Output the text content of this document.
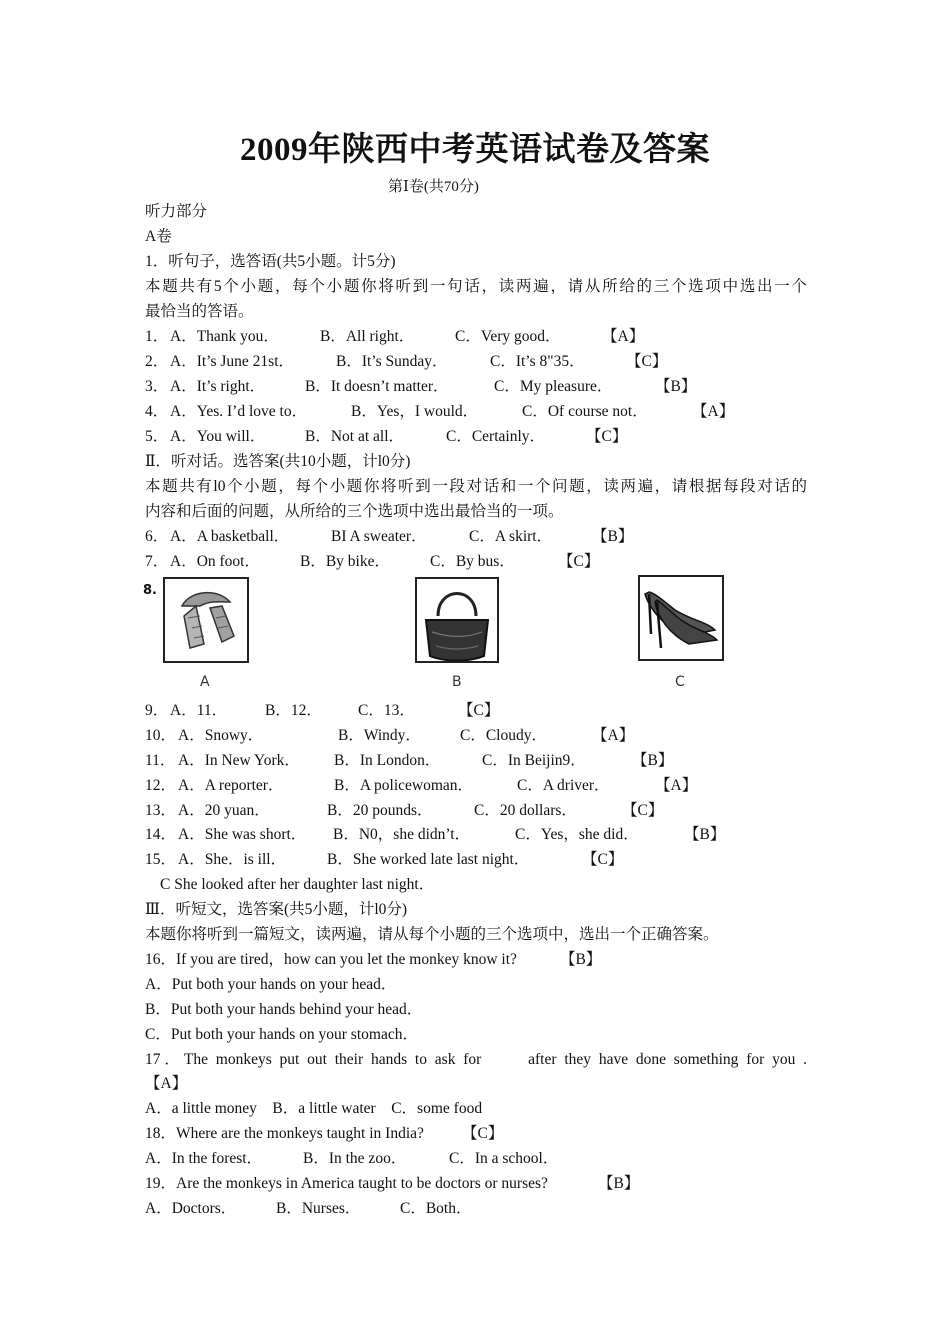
2009年陕西中考英语试卷及答案
第Ⅰ卷(共70分)
听力部分
A卷
1．听句子，选答语(共5小题。计5分)
本题共有5个小题，每个小题你将听到一句话，读两遍，请从所给的三个选项中选出一个
最恰当的答语。
1． A．Thank you．	B．All right．	C．Very good．	【A】
2． A．It’s June 21st．	B．It’s Sunday．	C．It’s 8"35．	【C】
3． A．It’s right．	B．It doesn’t matter．	C．My pleasure．	【B】
4． A．Yes. I’d love to．	B．Yes，I would．	C．Of course not．	【A】
5． A．You will．	B．Not at all．	C．Certainly．	【C】
Ⅱ．听对话。选答案(共10小题，计l0分)
本题共有l0个小题，每个小题你将听到一段对话和一个问题，读两遍，请根据每段对话的
内容和后面的问题，从所给的三个选项中选出最恰当的一项。
6． A．A basketball．	BI A sweater．	C．A skirt．	【B】
7． A．On foot．	B．By bike．	C．By bus．	【C】
8.
A	B	C
9． A．11． B．12． C．13．	【C】
10． A．Snowy．	B．Windy．	C．Cloudy．	【A】
11． A．In New York． B．In London．	C．In Beijin9．	【B】
12． A．A reporter．	B．A policewoman．	C．A driver．	【A】
13． A．20 yuan．	B．20 pounds．	C．20 dollars．	【C】
14． A．She was short． B．N0，she didn’t．	C．Yes，she did．	【B】
15． A．She．is ill．	B．She worked late last night．	【C】
C She looked after her daughter last night．
Ⅲ．听短文，选答案(共5小题，计l0分)
本题你将听到一篇短文，读两遍，请从每个小题的三个选项中，选出一个正确答案。
16．If you are tired，how can you let the monkey know it?	【B】
A．Put both your hands on your head．
B．Put both your hands behind your head．
C．Put both your hands on your stomach．
17．The monkeys put out their hands to ask for      after they have done something for you .
【A】
A．a little money    B．a little water    C．some food
18．Where are the monkeys taught in India? 【C】
A．In the forest．	B．In the zoo．	C．In a school．
19．Are the monkeys in America taught to be doctors or nurses?	【B】
A．Doctors．	B．Nurses．	C．Both．
